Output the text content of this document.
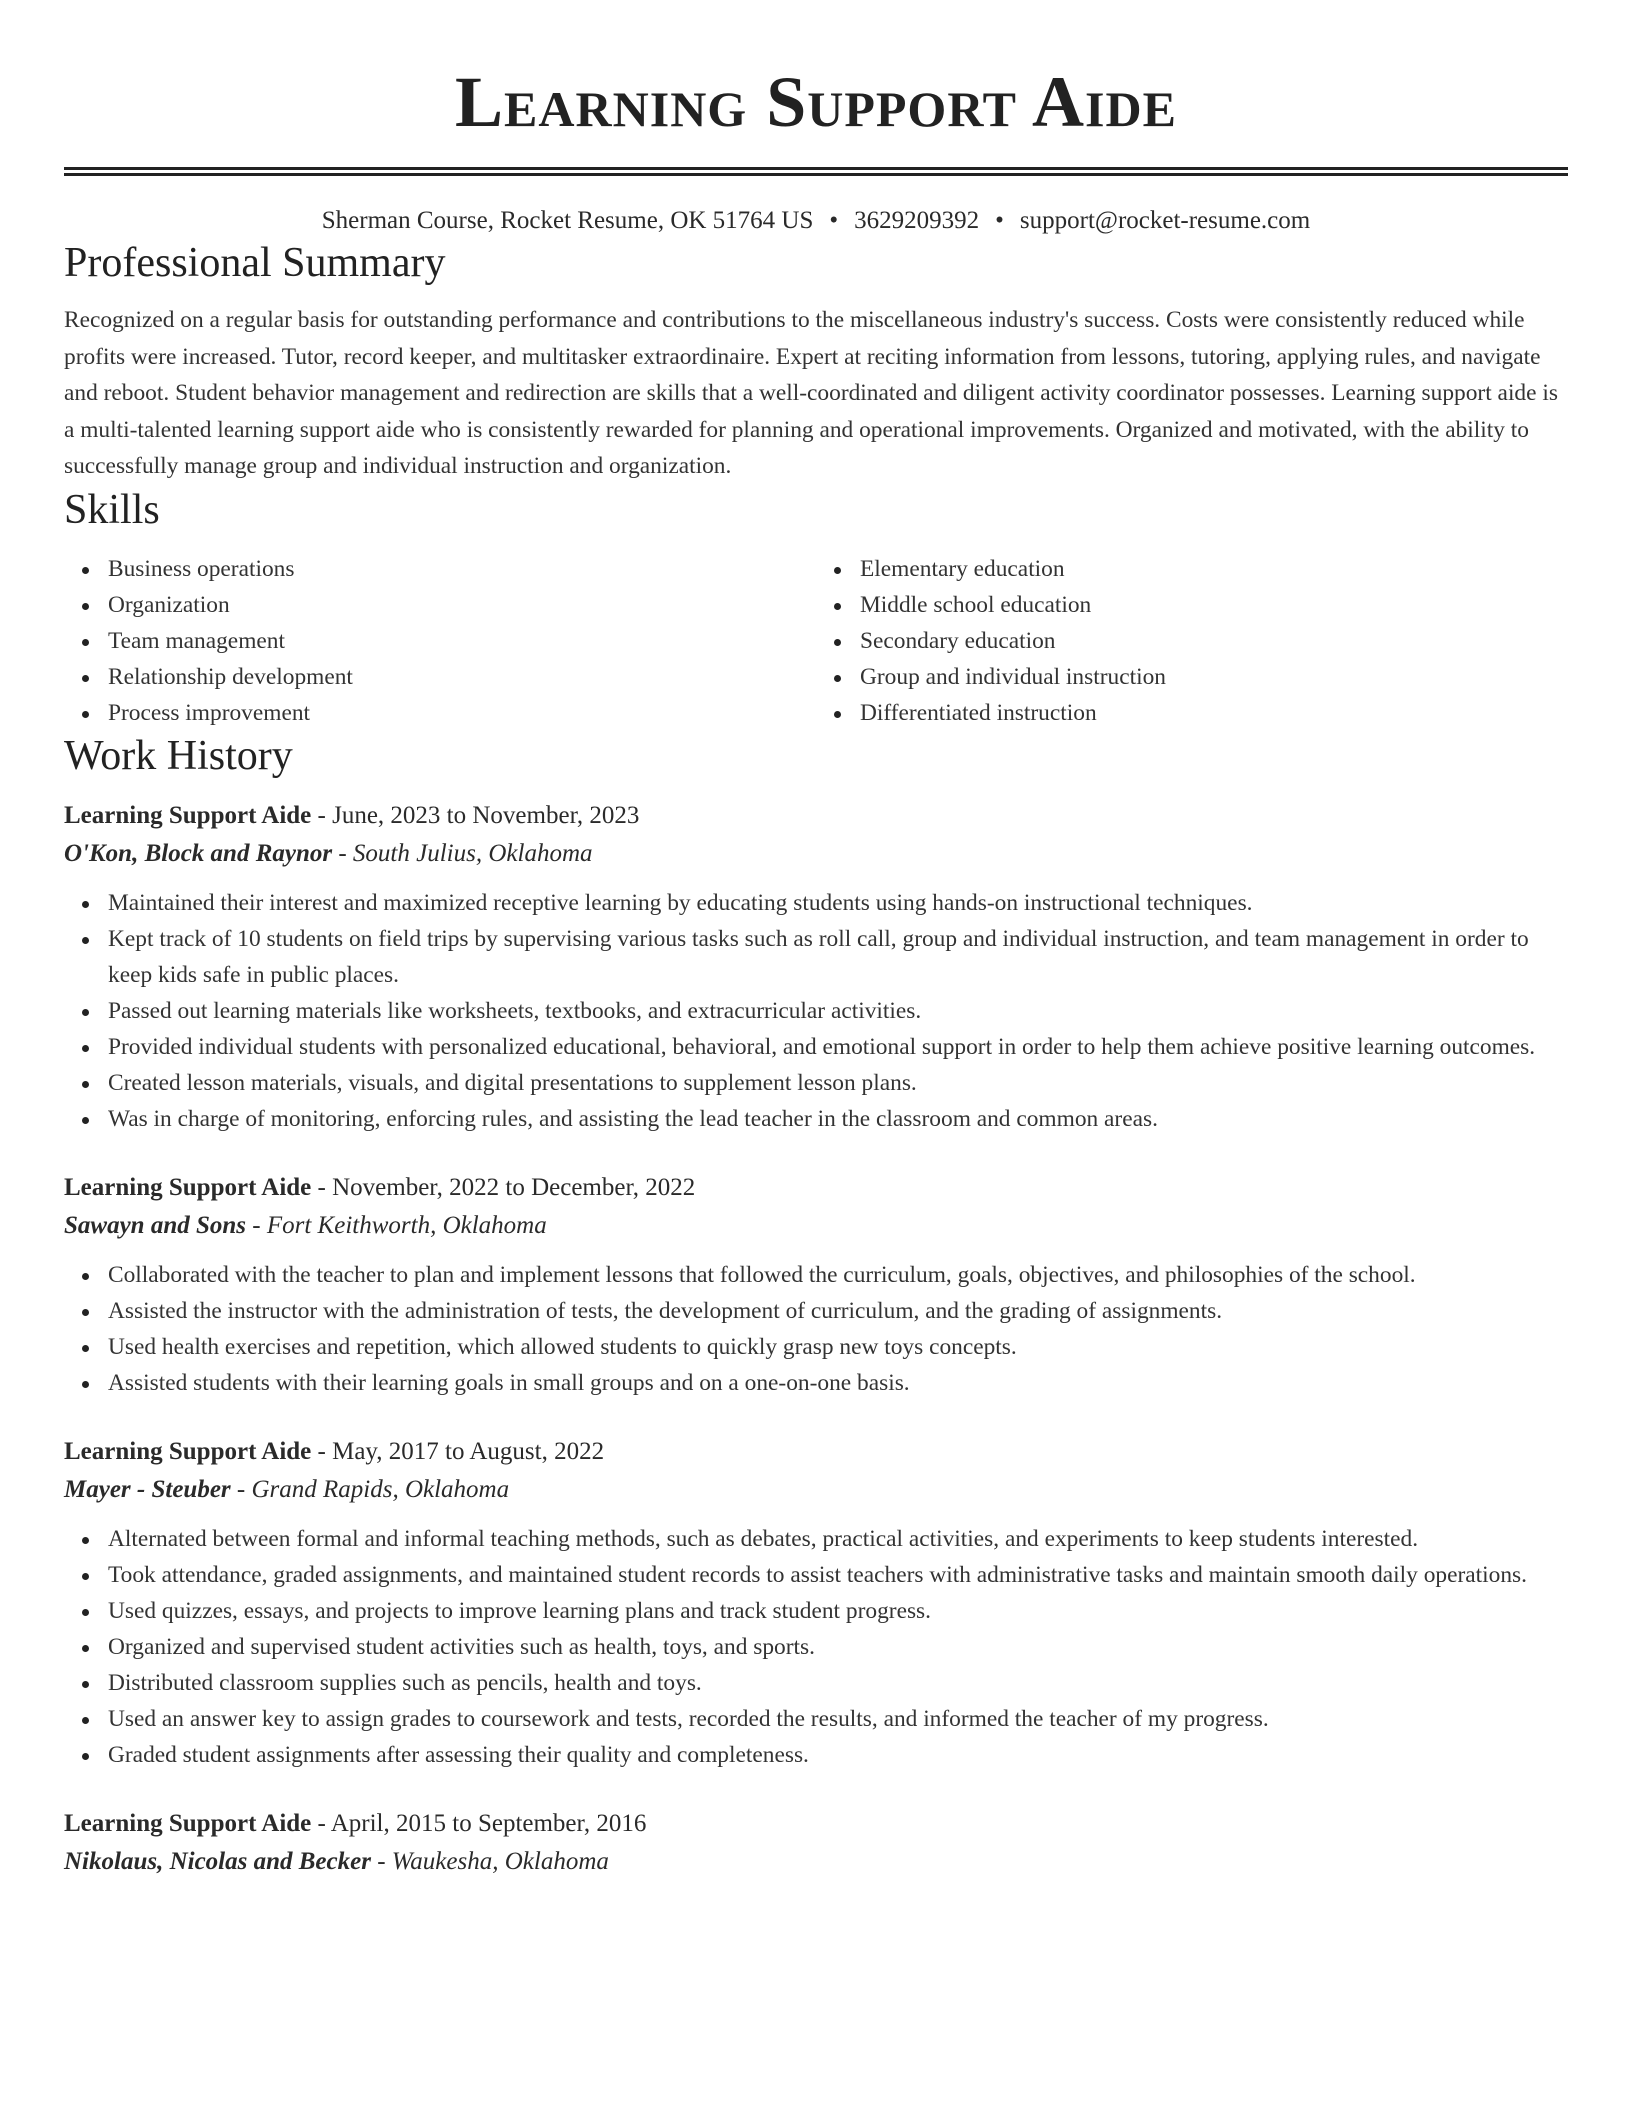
Learning Support Aide
Sherman Course, Rocket Resume, OK 51764 US • 3629209392 • support@rocket-resume.com
Professional Summary

Recognized on a regular basis for outstanding performance and contributions to the miscellaneous industry's success. Costs were consistently reduced while profits were increased. Tutor, record keeper, and multitasker extraordinaire. Expert at reciting information from lessons, tutoring, applying rules, and navigate and reboot. Student behavior management and redirection are skills that a well-coordinated and diligent activity coordinator possesses. Learning support aide is a multi-talented learning support aide who is consistently rewarded for planning and operational improvements. Organized and motivated, with the ability to successfully manage group and individual instruction and organization.

Skills
Business operations
Organization
Team management
Relationship development
Process improvement
Elementary education
Middle school education
Secondary education
Group and individual instruction
Differentiated instruction
Work History
Learning Support Aide - June, 2023 to November, 2023
O'Kon, Block and Raynor - South Julius, Oklahoma
Maintained their interest and maximized receptive learning by educating students using hands-on instructional techniques.
Kept track of 10 students on field trips by supervising various tasks such as roll call, group and individual instruction, and team management in order to keep kids safe in public places.
Passed out learning materials like worksheets, textbooks, and extracurricular activities.
Provided individual students with personalized educational, behavioral, and emotional support in order to help them achieve positive learning outcomes.
Created lesson materials, visuals, and digital presentations to supplement lesson plans.
Was in charge of monitoring, enforcing rules, and assisting the lead teacher in the classroom and common areas.
Learning Support Aide - November, 2022 to December, 2022
Sawayn and Sons - Fort Keithworth, Oklahoma
Collaborated with the teacher to plan and implement lessons that followed the curriculum, goals, objectives, and philosophies of the school.
Assisted the instructor with the administration of tests, the development of curriculum, and the grading of assignments.
Used health exercises and repetition, which allowed students to quickly grasp new toys concepts.
Assisted students with their learning goals in small groups and on a one-on-one basis.
Learning Support Aide - May, 2017 to August, 2022
Mayer - Steuber - Grand Rapids, Oklahoma
Alternated between formal and informal teaching methods, such as debates, practical activities, and experiments to keep students interested.
Took attendance, graded assignments, and maintained student records to assist teachers with administrative tasks and maintain smooth daily operations.
Used quizzes, essays, and projects to improve learning plans and track student progress.
Organized and supervised student activities such as health, toys, and sports.
Distributed classroom supplies such as pencils, health and toys.
Used an answer key to assign grades to coursework and tests, recorded the results, and informed the teacher of my progress.
Graded student assignments after assessing their quality and completeness.
Learning Support Aide - April, 2015 to September, 2016
Nikolaus, Nicolas and Becker - Waukesha, Oklahoma
